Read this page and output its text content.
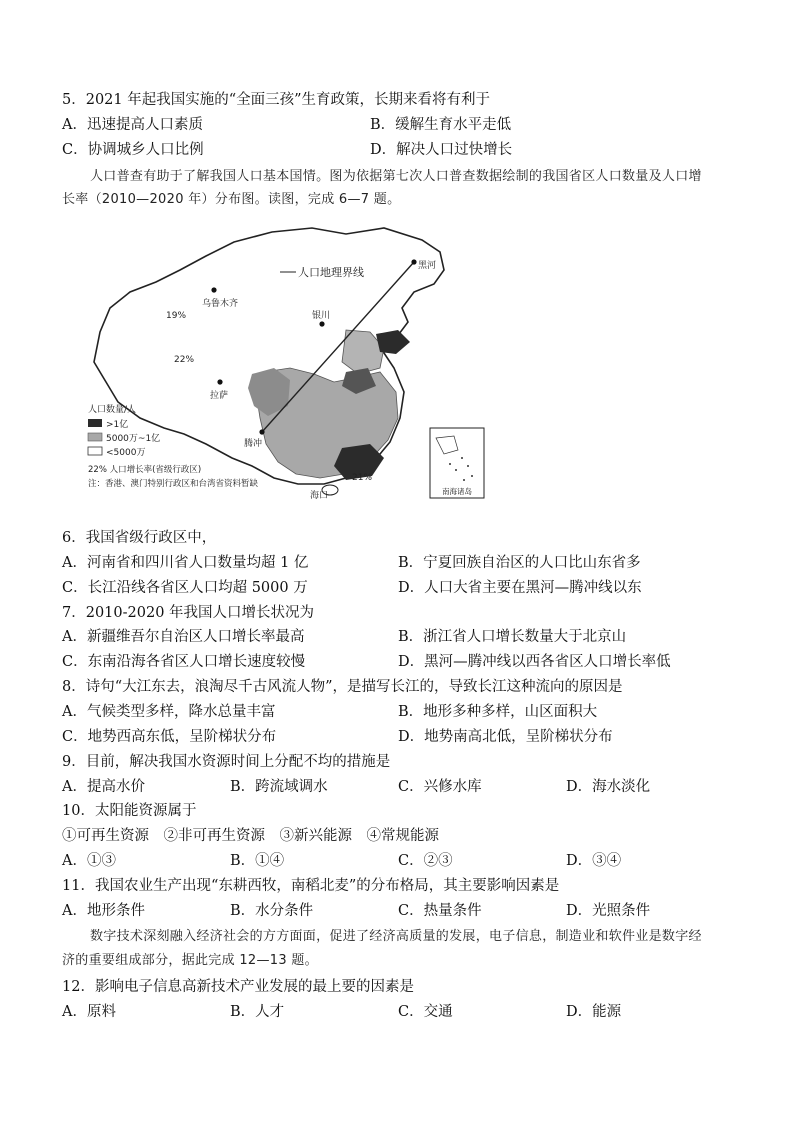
5．2021 年起我国实施的“全面三孩”生育政策，长期来看将有利于
A．迅速提高人口素质	B．缓解生育水平走低
C．协调城乡人口比例	D．解决人口过快增长
人口普查有助于了解我国人口基本国情。图为依据第七次人口普查数据绘制的我国省区人口数量及人口增
长率（2010—2020 年）分布图。读图，完成 6—7 题。
人口地理界线
乌鲁木齐
拉萨
银川
黑河
腾冲
海口
19%
22%
21%
人口数量/人
>1亿
5000万~1亿
<5000万
22% 人口增长率(省级行政区)
注：香港、澳门特别行政区和台湾省资料暂缺
南海诸岛
6．我国省级行政区中，
A．河南省和四川省人口数量均超 1 亿	B．宁夏回族自治区的人口比山东省多
C．长江沿线各省区人口均超 5000 万	D．人口大省主要在黑河—腾冲线以东
7．2010-2020 年我国人口增长状况为
A．新疆维吾尔自治区人口增长率最高	B．浙江省人口增长数量大于北京山
C．东南沿海各省区人口增长速度较慢	D．黑河—腾冲线以西各省区人口增长率低
8．诗句“大江东去，浪淘尽千古风流人物”，是描写长江的，导致长江这种流向的原因是
A．气候类型多样，降水总量丰富	B．地形多种多样，山区面积大
C．地势西高东低，呈阶梯状分布	D．地势南高北低，呈阶梯状分布
9．目前，解决我国水资源时间上分配不均的措施是
A．提高水价	B．跨流域调水	C．兴修水库	D．海水淡化
10．太阳能资源属于
①可再生资源　②非可再生资源　③新兴能源　④常规能源
A．①③	B．①④	C．②③	D．③④
11．我国农业生产出现“东耕西牧，南稻北麦”的分布格局，其主要影响因素是
A．地形条件	B．水分条件	C．热量条件	D．光照条件
数字技术深刻融入经济社会的方方面面，促进了经济高质量的发展，电子信息，制造业和软件业是数字经
济的重要组成部分，据此完成 12—13 题。
12．影响电子信息高新技术产业发展的最上要的因素是
A．原料	B．人才	C．交通	D．能源
